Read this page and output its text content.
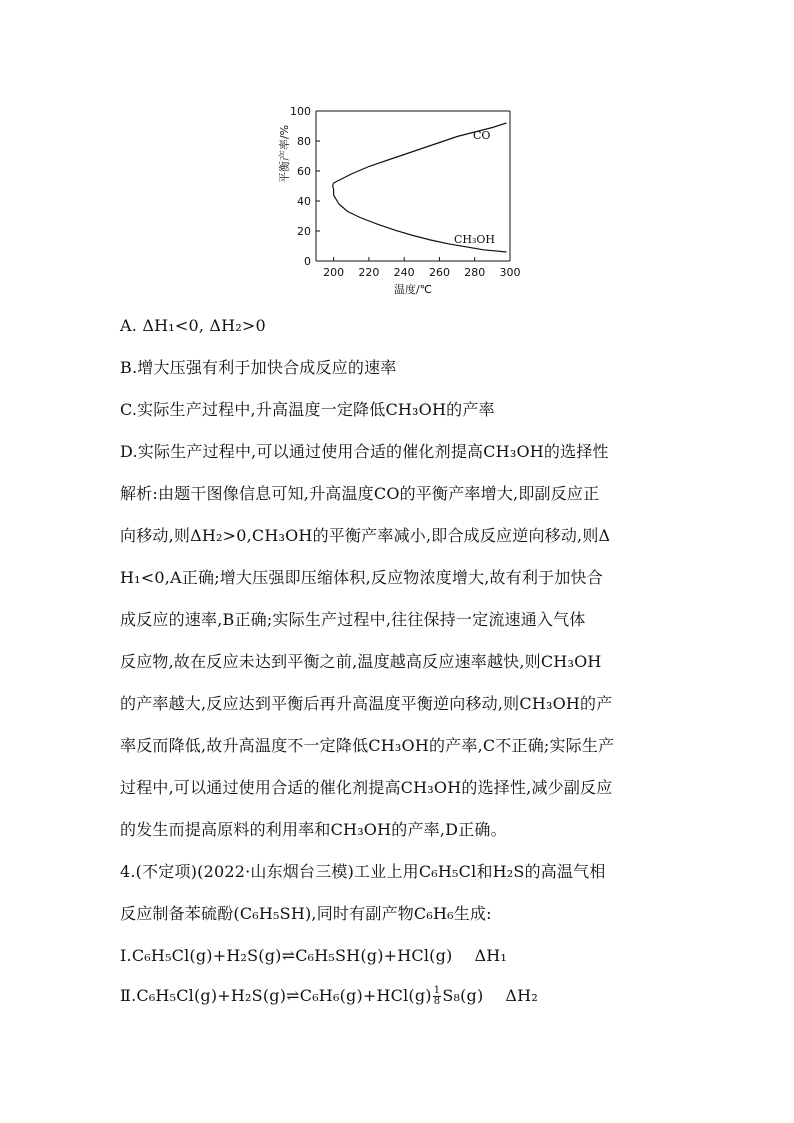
0
20
40
60
80
100
200 220 240 260 280 300
CO
CH₃OH
温度/℃
平衡产率/%
A. ΔH₁<0, ΔH₂>0
B.增大压强有利于加快合成反应的速率
C.实际生产过程中,升高温度一定降低CH₃OH的产率
D.实际生产过程中,可以通过使用合适的催化剂提高CH₃OH的选择性
解析:由题干图像信息可知,升高温度CO的平衡产率增大,即副反应正
向移动,则ΔH₂>0,CH₃OH的平衡产率减小,即合成反应逆向移动,则Δ
H₁<0,A正确;增大压强即压缩体积,反应物浓度增大,故有利于加快合
成反应的速率,B正确;实际生产过程中,往往保持一定流速通入气体
反应物,故在反应未达到平衡之前,温度越高反应速率越快,则CH₃OH
的产率越大,反应达到平衡后再升高温度平衡逆向移动,则CH₃OH的产
率反而降低,故升高温度不一定降低CH₃OH的产率,C不正确;实际生产
过程中,可以通过使用合适的催化剂提高CH₃OH的选择性,减少副反应
的发生而提高原料的利用率和CH₃OH的产率,D正确。
4.(不定项)(2022·山东烟台三模)工业上用C₆H₅Cl和H₂S的高温气相
反应制备苯硫酚(C₆H₅SH),同时有副产物C₆H₆生成:
Ⅰ.C₆H₅Cl(g)+H₂S(g)⇌C₆H₅SH(g)+HCl(g) ΔH₁
Ⅱ.C₆H₅Cl(g)+H₂S(g)⇌C₆H₆(g)+HCl(g) $\frac{1}{8} S_8(g)$ ΔH₂
